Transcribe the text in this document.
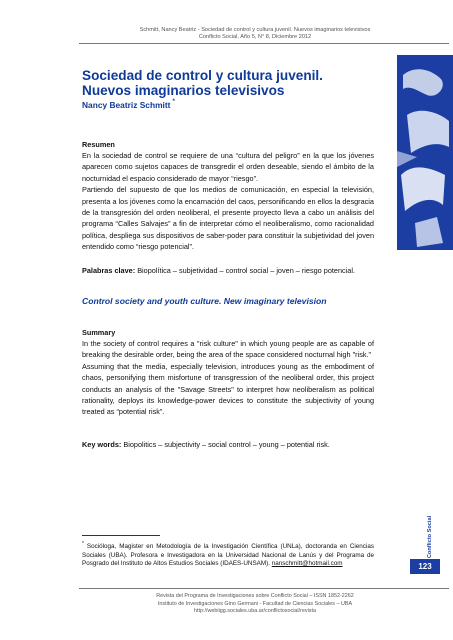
Schmitt, Nancy Beatriz - Sociedad de control y cultura juvenil. Nuevos imaginarios televisivos
Conflicto Social, Año 5, N° 8, Diciembre 2012
Sociedad de control y cultura juvenil.
Nuevos imaginarios televisivos
Nancy Beatriz Schmitt *
Resumen

En la sociedad de control se requiere de una “cultura del peligro” en la que los jóvenes aparecen como sujetos capaces de transgredir el orden deseable, siendo el ámbito de la nocturnidad el espacio considerado de mayor “riesgo”.

Partiendo del supuesto de que los medios de comunicación, en especial la televisión, presenta a los jóvenes como la encarnación del caos, personificando en ellos la desgracia de la transgresión del orden neoliberal, el presente proyecto lleva a cabo un análisis del programa “Calles Salvajes” a fin de interpretar cómo el neoliberalismo, como racionalidad política, despliega sus dispositivos de saber-poder para constituir la subjetividad del joven entendido como “riesgo potencial”.

Palabras clave: Biopolítica – subjetividad – control social – joven – riesgo potencial.
Control society and youth culture. New imaginary television
Summary

In the society of control requires a "risk culture" in which young people are as capable of breaking the desirable order, being the area of the space considered nocturnal high "risk."

Assuming that the media, especially television, introduces young as the embodiment of chaos, personifying them misfortune of transgression of the neoliberal order, this project conducts an analysis of the "Savage Streets" to interpret how neoliberalism as political rationality, deploys its knowledge-power devices to constitute the subjectivity of young treated as “potential risk”.

Key words: Biopolitics – subjectivity – social control – young – potential risk.
* Socióloga, Magister en Metodología de la Investigación Científica (UNLa), doctoranda en Ciencias Sociales (UBA). Profesora e Investigadora en la Universidad Nacional de Lanús y del Programa de Posgrado del Instituto de Altos Estudios Sociales (IDAES-UNSAM). nanschmitt@hotmail.com
Conflicto Social
123
Revista del Programa de Investigaciones sobre Conflicto Social – ISSN 1852-2262
Instituto de Investigaciones Gino Germani - Facultad de Ciencias Sociales – UBA
http://webiigg.sociales.uba.ar/conflictosocial/revista
